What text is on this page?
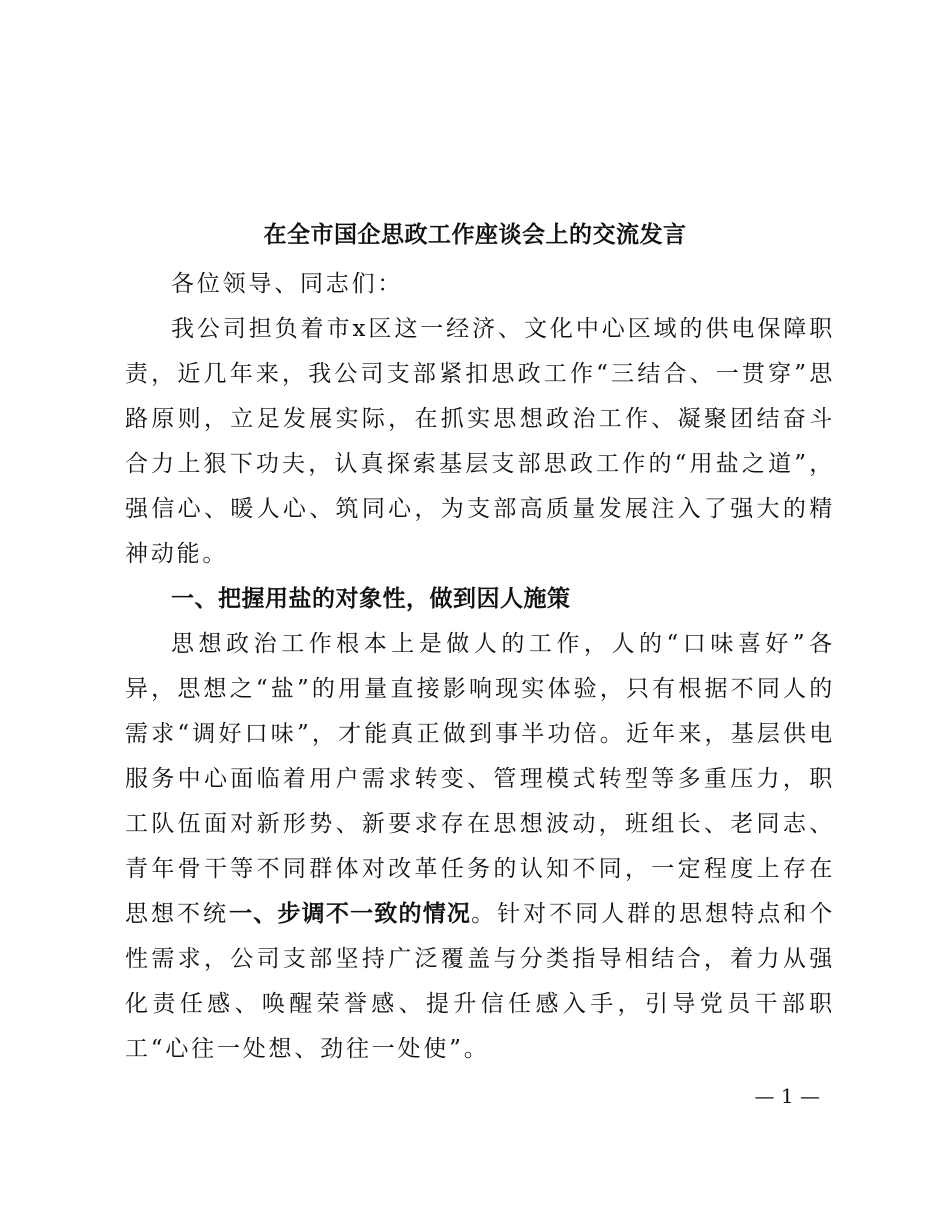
在全市国企思政工作座谈会上的交流发言

各位领导、同志们：

我公司担负着市x区这一经济、文化中心区域的供电保障职责，近几年来，我公司支部紧扣思政工作“三结合、一贯穿”思路原则，立足发展实际，在抓实思想政治工作、凝聚团结奋斗合力上狠下功夫，认真探索基层支部思政工作的“用盐之道”，强信心、暖人心、筑同心，为支部高质量发展注入了强大的精神动能。

一、把握用盐的对象性，做到因人施策

思想政治工作根本上是做人的工作，人的“口味喜好”各异，思想之“盐”的用量直接影响现实体验，只有根据不同人的需求“调好口味”，才能真正做到事半功倍。近年来，基层供电服务中心面临着用户需求转变、管理模式转型等多重压力，职工队伍面对新形势、新要求存在思想波动，班组长、老同志、青年骨干等不同群体对改革任务的认知不同，一定程度上存在思想不统一、步调不一致的情况。针对不同人群的思想特点和个性需求，公司支部坚持广泛覆盖与分类指导相结合，着力从强化责任感、唤醒荣誉感、提升信任感入手，引导党员干部职工“心往一处想、劲往一处使”。

— 1 —
